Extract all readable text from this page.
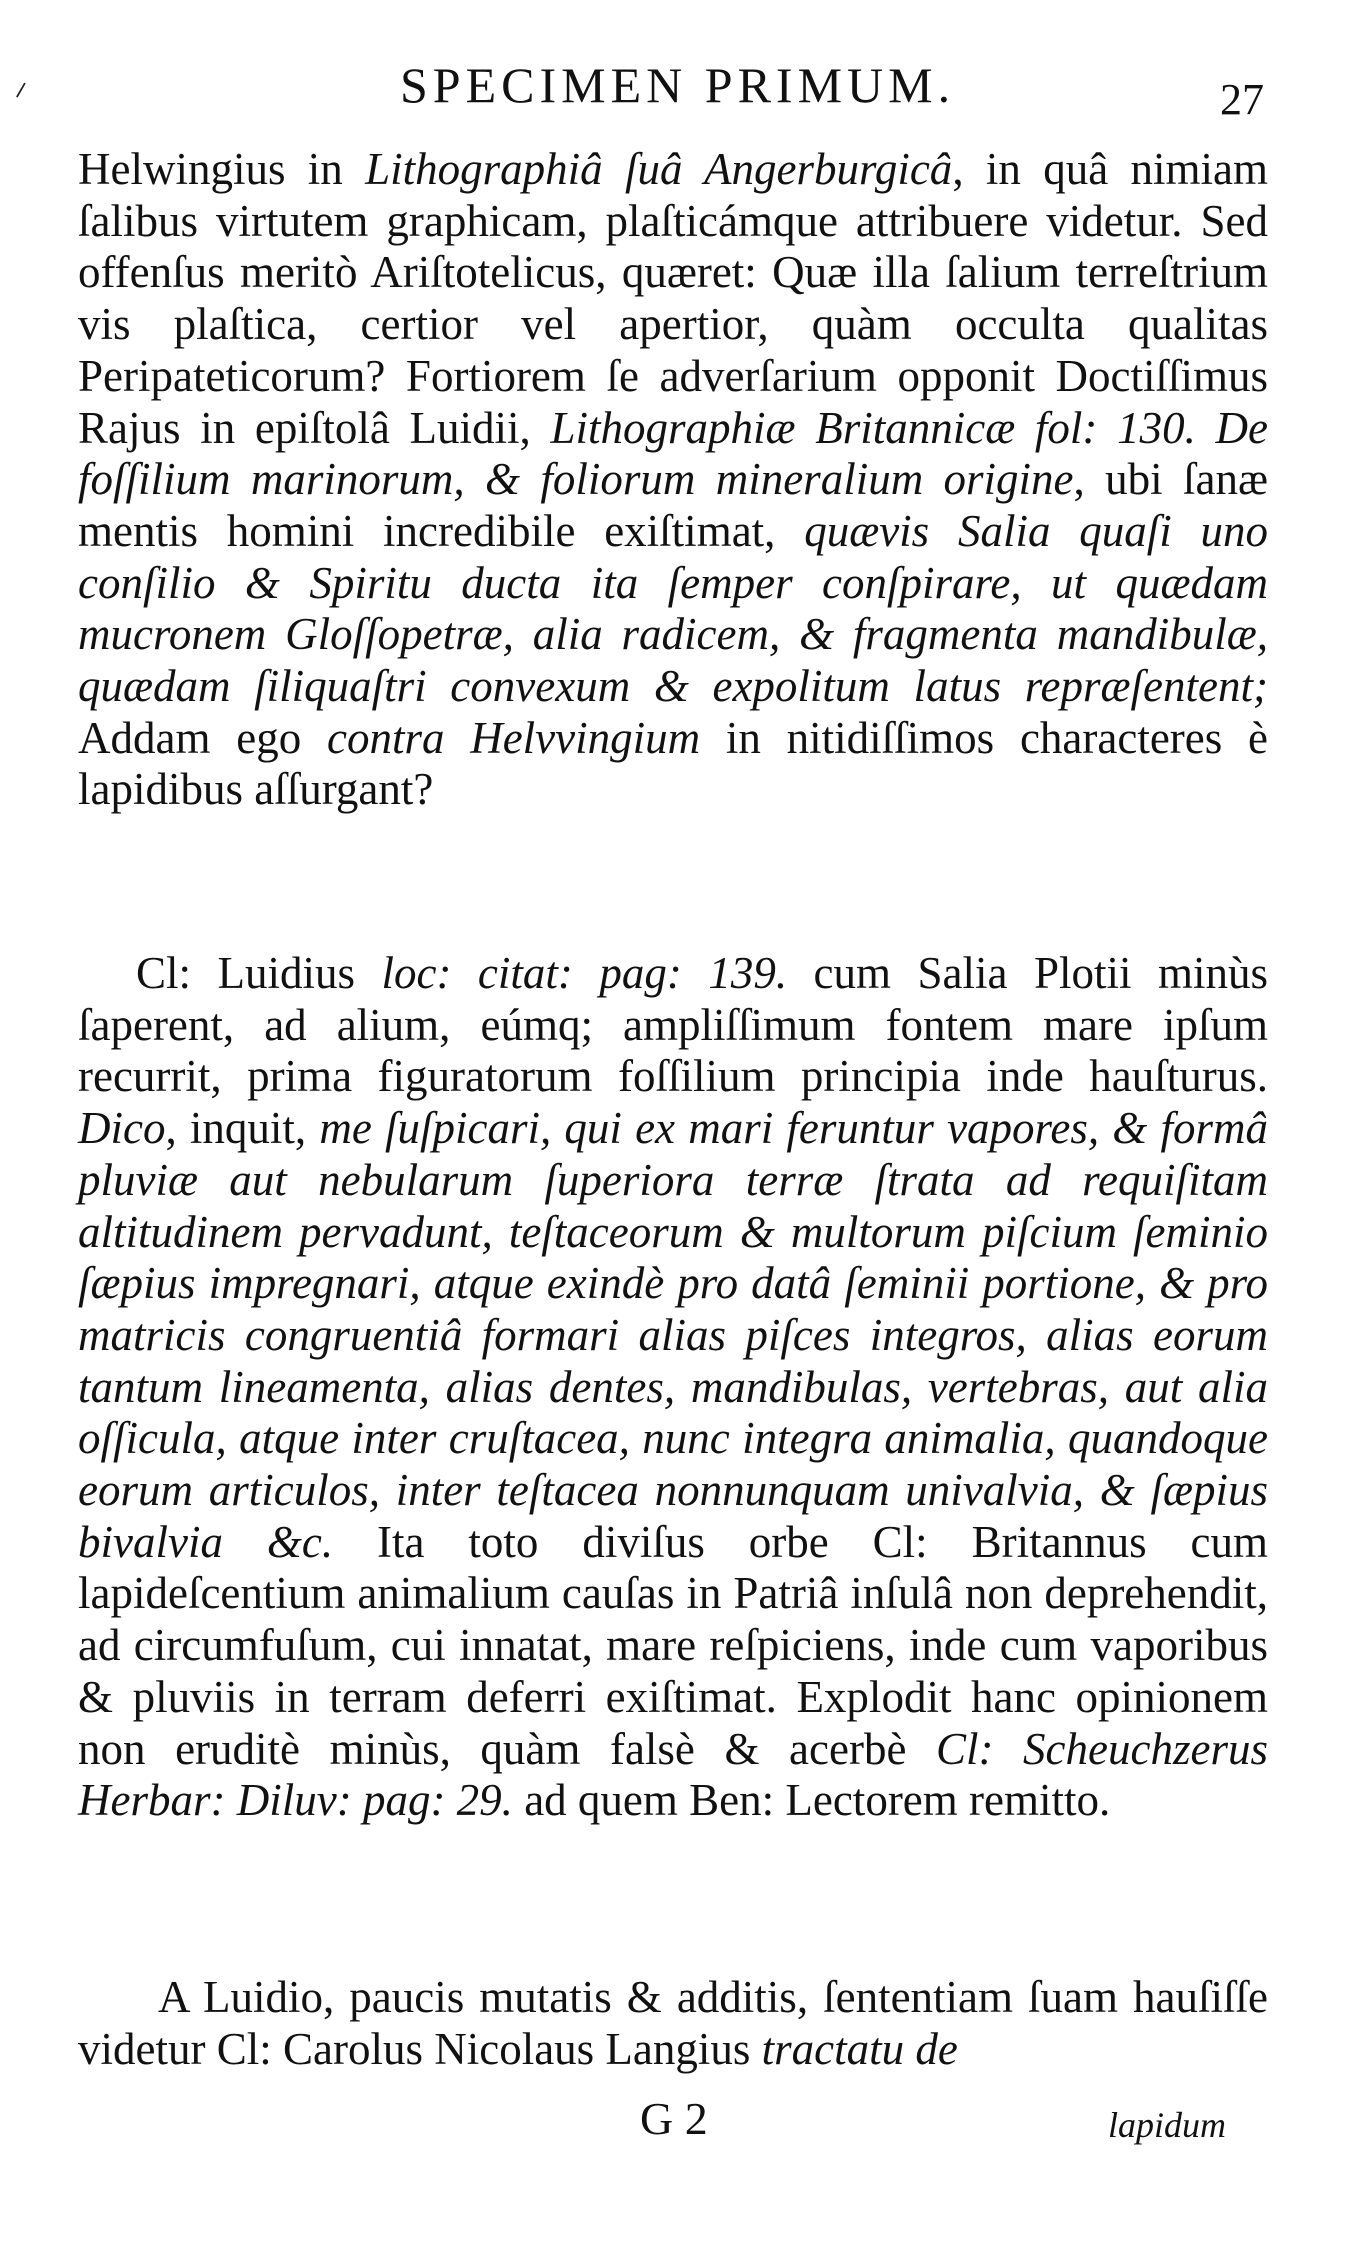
⸝	SPECIMEN PRIMUM.	27

Helwingius in Lithographiâ ſuâ Angerburgicâ, in quâ nimiam ſalibus virtutem graphicam, plaſticámque attribuere videtur. Sed offenſus meritò Ariſtotelicus, quæret: Quæ illa ſalium terreſtrium vis plaſtica, certior vel apertior, quàm occulta qualitas Peripateticorum? Fortiorem ſe adverſarium opponit Doctiſſimus Rajus in epiſtolâ Luidii, Lithographiæ Britannicæ fol: 130. De foſſilium marinorum, & foliorum mineralium origine, ubi ſanæ mentis homini incredibile exiſtimat, quævis Salia quaſi uno conſilio & Spiritu ducta ita ſemper conſpirare, ut quædam mucronem Gloſſopetræ, alia radicem, & fragmenta mandibulæ, quædam ſiliquaſtri convexum & expolitum latus repræſentent; Addam ego contra Helvvingium in nitidiſſimos characteres è lapidibus aſſurgant?

Cl: Luidius loc: citat: pag: 139. cum Salia Plotii minùs ſaperent, ad alium, eúmq; ampliſſimum fontem mare ipſum recurrit, prima figuratorum foſſilium principia inde hauſturus. Dico, inquit, me ſuſpicari, qui ex mari feruntur vapores, & formâ pluviæ aut nebularum ſuperiora terræ ſtrata ad requiſitam altitudinem pervadunt, teſtaceorum & multorum piſcium ſeminio ſæpius impregnari, atque exindè pro datâ ſeminii portione, & pro matricis congruentiâ formari alias piſces integros, alias eorum tantum lineamenta, alias dentes, mandibulas, vertebras, aut alia oſſicula, atque inter cruſtacea, nunc integra animalia, quandoque eorum articulos, inter teſtacea nonnunquam univalvia, & ſæpius bivalvia &c. Ita toto diviſus orbe Cl: Britannus cum lapideſcentium animalium cauſas in Patriâ inſulâ non deprehendit, ad circumfuſum, cui innatat, mare reſpiciens, inde cum vaporibus & pluviis in terram deferri exiſtimat. Explodit hanc opinionem non eruditè minùs, quàm falsè & acerbè Cl: Scheuchzerus Herbar: Diluv: pag: 29. ad quem Ben: Lectorem remitto.

A Luidio, paucis mutatis & additis, ſententiam ſuam hauſiſſe videtur Cl: Carolus Nicolaus Langius tractatu de

G 2	lapidum
